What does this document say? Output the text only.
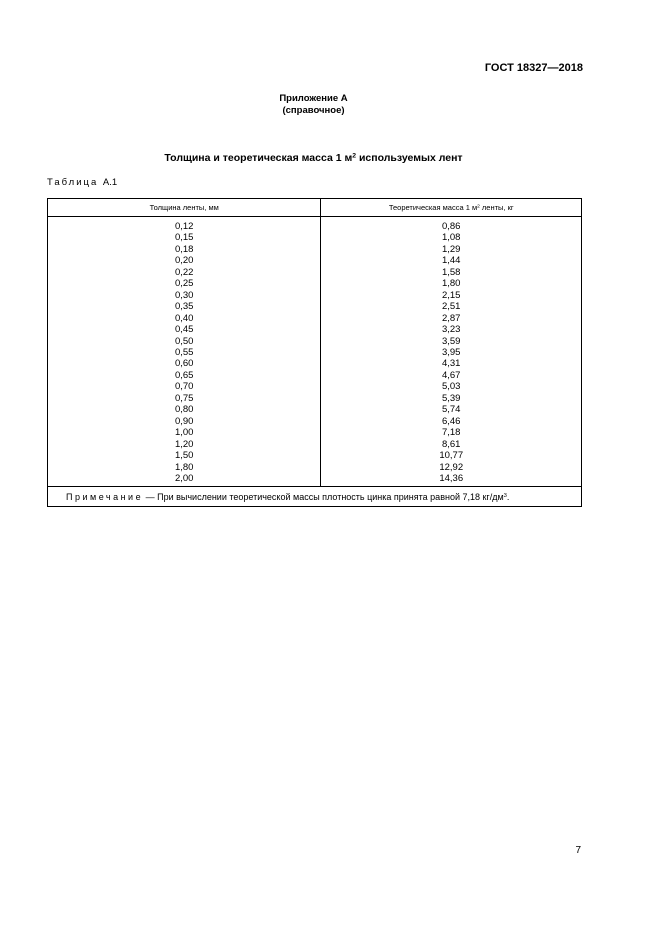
ГОСТ 18327—2018
Приложение А
(справочное)
Толщина и теоретическая масса 1 $м^2$ используемых лент
Таблица А.1
Толщина ленты, мм	Теоретическая масса 1 $м^2$ ленты, кг
0,12	0,86
0,15	1,08
0,18	1,29
0,20	1,44
0,22	1,58
0,25	1,80
0,30	2,15
0,35	2,51
0,40	2,87
0,45	3,23
0,50	3,59
0,55	3,95
0,60	4,31
0,65	4,67
0,70	5,03
0,75	5,39
0,80	5,74
0,90	6,46
1,00	7,18
1,20	8,61
1,50	10,77
1,80	12,92
2,00	14,36
Примечание — При вычислении теоретической массы плотность цинка принята равной 7,18 $кг/дм^3$.	
7
